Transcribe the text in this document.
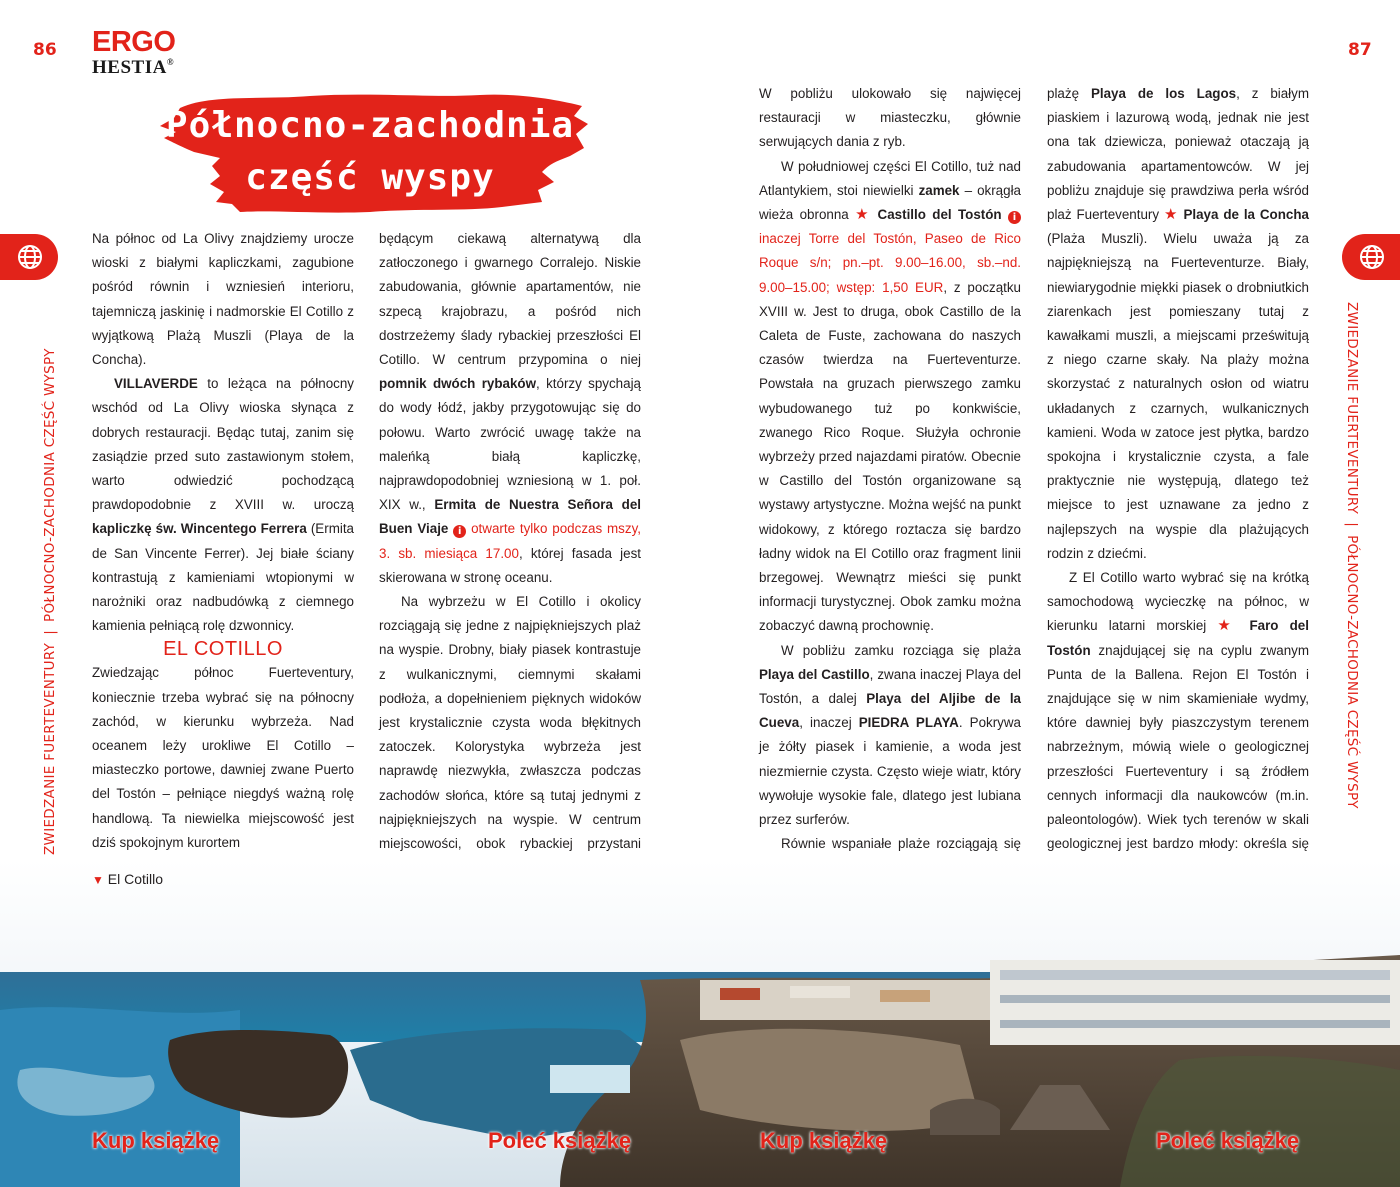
86	87
ERGO
HESTIA®
Północno-zachodnia
część wyspy
ZWIEDZANIE FUERTEVENTURY|PÓŁNOCNO-ZACHODNIA CZĘŚĆ WYSPY	ZWIEDZANIE FUERTEVENTURY|PÓŁNOCNO-ZACHODNIA CZĘŚĆ WYSPY

Na północ od La Olivy znajdziemy urocze wioski z białymi kapliczkami, zagubione pośród równin i wzniesień interioru, tajemniczą jaskinię i nadmorskie El Cotillo z wyjątkową Plażą Muszli (Playa de la Concha).

VILLAVERDE to leżąca na północny wschód od La Olivy wioska słynąca z dobrych restauracji. Będąc tutaj, zanim się zasiądzie przed suto zastawionym stołem, warto odwiedzić pochodzącą prawdopodobnie z XVIII w. uroczą kapliczkę św. Wincentego Ferrera (Ermita de San Vincente Ferrer). Jej białe ściany kontrastują z kamieniami wtopionymi w narożniki oraz nadbudówką z ciemnego kamienia pełniącą rolę dzwonnicy.

EL COTILLO

Zwiedzając północ Fuerteventury, koniecznie trzeba wybrać się na północny zachód, w kierunku wybrzeża. Nad oceanem leży urokliwe El Cotillo – miasteczko portowe, dawniej zwane Puerto del Tostón – pełniące niegdyś ważną rolę handlową. Ta niewielka miejscowość jest dziś spokojnym kurortem

będącym ciekawą alternatywą dla zatłoczonego i gwarnego Corralejo. Niskie zabudowania, głównie apartamentów, nie szpecą krajobrazu, a pośród nich dostrzeżemy ślady rybackiej przeszłości El Cotillo. W centrum przypomina o niej pomnik dwóch rybaków, którzy spychają do wody łódź, jakby przygotowując się do połowu. Warto zwrócić uwagę także na maleńką białą kapliczkę, najprawdopodobniej wzniesioną w 1. poł. XIX w., Ermita de Nuestra Señora del Buen Viaje i otwarte tylko podczas mszy, 3. sb. miesiąca 17.00, której fasada jest skierowana w stronę oceanu.

Na wybrzeżu w El Cotillo i okolicy rozciągają się jedne z najpiękniejszych plaż na wyspie. Drobny, biały piasek kontrastuje z wulkanicznymi, ciemnymi skałami podłoża, a dopełnieniem pięknych widoków jest krystalicznie czysta woda błękitnych zatoczek. Kolorystyka wybrzeża jest naprawdę niezwykła, zwłaszcza podczas zachodów słońca, które są tutaj jednymi z najpiękniejszych na wyspie. W centrum miejscowości, obok rybackiej przystani

W pobliżu ulokowało się najwięcej restauracji w miasteczku, głównie serwujących dania z ryb.

W południowej części El Cotillo, tuż nad Atlantykiem, stoi niewielki zamek – okrągła wieża obronna ★ Castillo del Tostón i inaczej Torre del Tostón, Paseo de Rico Roque s/n; pn.–pt. 9.00–16.00, sb.–nd. 9.00–15.00; wstęp: 1,50 EUR, z początku XVIII w. Jest to druga, obok Castillo de la Caleta de Fuste, zachowana do naszych czasów twierdza na Fuerteventurze. Powstała na gruzach pierwszego zamku wybudowanego tuż po konkwiście, zwanego Rico Roque. Służyła ochronie wybrzeży przed najazdami piratów. Obecnie w Castillo del Tostón organizowane są wystawy artystyczne. Można wejść na punkt widokowy, z którego roztacza się bardzo ładny widok na El Cotillo oraz fragment linii brzegowej. Wewnątrz mieści się punkt informacji turystycznej. Obok zamku można zobaczyć dawną prochownię.

W pobliżu zamku rozciąga się plaża Playa del Castillo, zwana inaczej Playa del Tostón, a dalej Playa del Aljibe de la Cueva, inaczej PIEDRA PLAYA. Pokrywa je żółty piasek i kamienie, a woda jest niezmiernie czysta. Często wieje wiatr, który wywołuje wysokie fale, dlatego jest lubiana przez surferów.

Równie wspaniałe plaże rozciągają się

plażę Playa de los Lagos, z białym piaskiem i lazurową wodą, jednak nie jest ona tak dziewicza, ponieważ otaczają ją zabudowania apartamentowców. W jej pobliżu znajduje się prawdziwa perła wśród plaż Fuerteventury ★ Playa de la Concha (Plaża Muszli). Wielu uważa ją za najpiękniejszą na Fuerteventurze. Biały, niewiarygodnie miękki piasek o drobniutkich ziarenkach jest pomieszany tutaj z kawałkami muszli, a miejscami prześwitują z niego czarne skały. Na plaży można skorzystać z naturalnych osłon od wiatru układanych z czarnych, wulkanicznych kamieni. Woda w zatoce jest płytka, bardzo spokojna i krystalicznie czysta, a fale praktycznie nie występują, dlatego też miejsce to jest uznawane za jedno z najlepszych na wyspie dla plażujących rodzin z dziećmi.

Z El Cotillo warto wybrać się na krótką samochodową wycieczkę na północ, w kierunku latarni morskiej ★ Faro del Tostón znajdującej się na cyplu zwanym Punta de la Ballena. Rejon El Tostón i znajdujące się w nim skamieniałe wydmy, które dawniej były piaszczystym terenem nabrzeżnym, mówią wiele o geologicznej przeszłości Fuerteventury i są źródłem cennych informacji dla naukowców (m.in. paleontologów). Wiek tych terenów w skali geologicznej jest bardzo młody: określa się

▼ El Cotillo
Kup książkę	Poleć książkę	Kup książkę	Poleć książkę
